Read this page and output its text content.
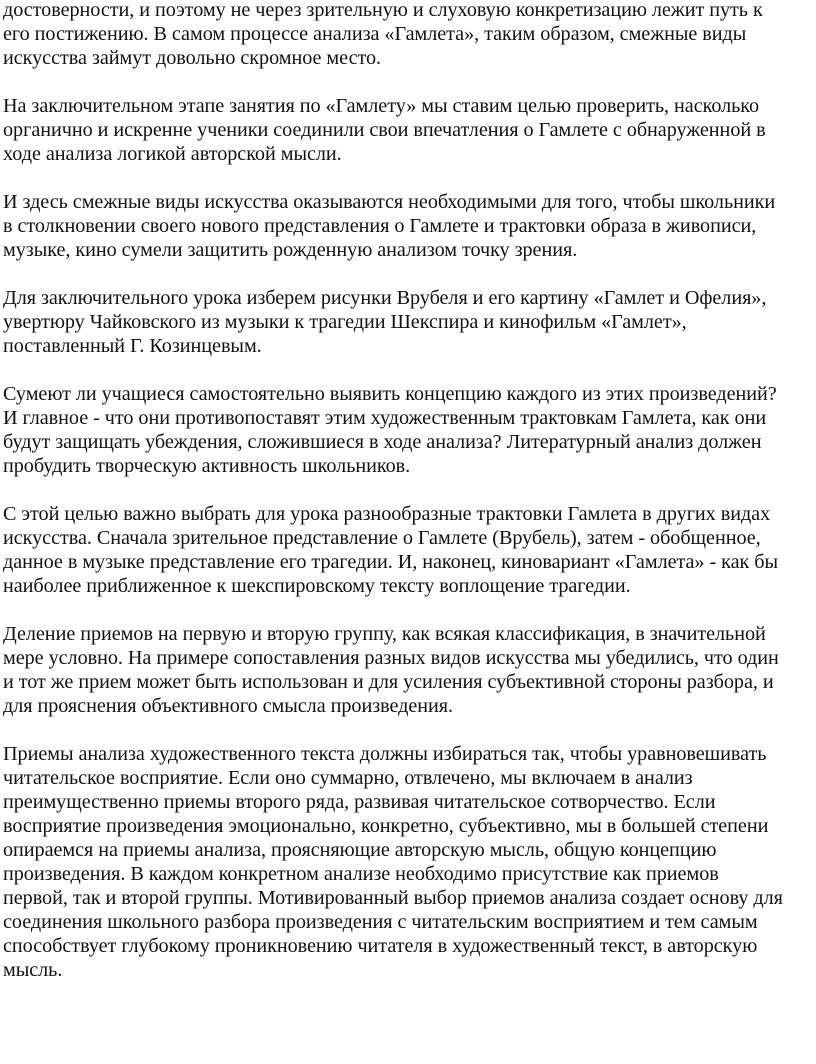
достоверности, и поэтому не через зрительную и слуховую конкретизацию лежит путь к
его постижению. В самом процессе анализа «Гамлета», таким образом, смежные виды
искусства займут довольно скромное место.

На заключительном этапе занятия по «Гамлету» мы ставим целью проверить, насколько
органично и искренне ученики соединили свои впечатления о Гамлете с обнаруженной в
ходе анализа логикой авторской мысли.

И здесь смежные виды искусства оказываются необходимыми для того, чтобы школьники
в столкновении своего нового представления о Гамлете и трактовки образа в живописи,
музыке, кино сумели защитить рожденную анализом точку зрения.

Для заключительного урока изберем рисунки Врубеля и его картину «Гамлет и Офелия»,
увертюру Чайковского из музыки к трагедии Шекспира и кинофильм «Гамлет»,
поставленный Г. Козинцевым.

Сумеют ли учащиеся самостоятельно выявить концепцию каждого из этих произведений?
И главное - что они противопоставят этим художественным трактовкам Гамлета, как они
будут защищать убеждения, сложившиеся в ходе анализа? Литературный анализ должен
пробудить творческую активность школьников.

С этой целью важно выбрать для урока разнообразные трактовки Гамлета в других видах
искусства. Сначала зрительное представление о Гамлете (Врубель), затем - обобщенное,
данное в музыке представление его трагедии. И, наконец, киновариант «Гамлета» - как бы
наиболее приближенное к шекспировскому тексту воплощение трагедии.

Деление приемов на первую и вторую группу, как всякая классификация, в значительной
мере условно. На примере сопоставления разных видов искусства мы убедились, что один
и тот же прием может быть использован и для усиления субъективной стороны разбора, и
для прояснения объективного смысла произведения.

Приемы анализа художественного текста должны избираться так, чтобы уравновешивать
читательское восприятие. Если оно суммарно, отвлечено, мы включаем в анализ
преимущественно приемы второго ряда, развивая читательское сотворчество. Если
восприятие произведения эмоционально, конкретно, субъективно, мы в большей степени
опираемся на приемы анализа, проясняющие авторскую мысль, общую концепцию
произведения. В каждом конкретном анализе необходимо присутствие как приемов
первой, так и второй группы. Мотивированный выбор приемов анализа создает основу для
соединения школьного разбора произведения с читательским восприятием и тем самым
способствует глубокому проникновению читателя в художественный текст, в авторскую
мысль.
